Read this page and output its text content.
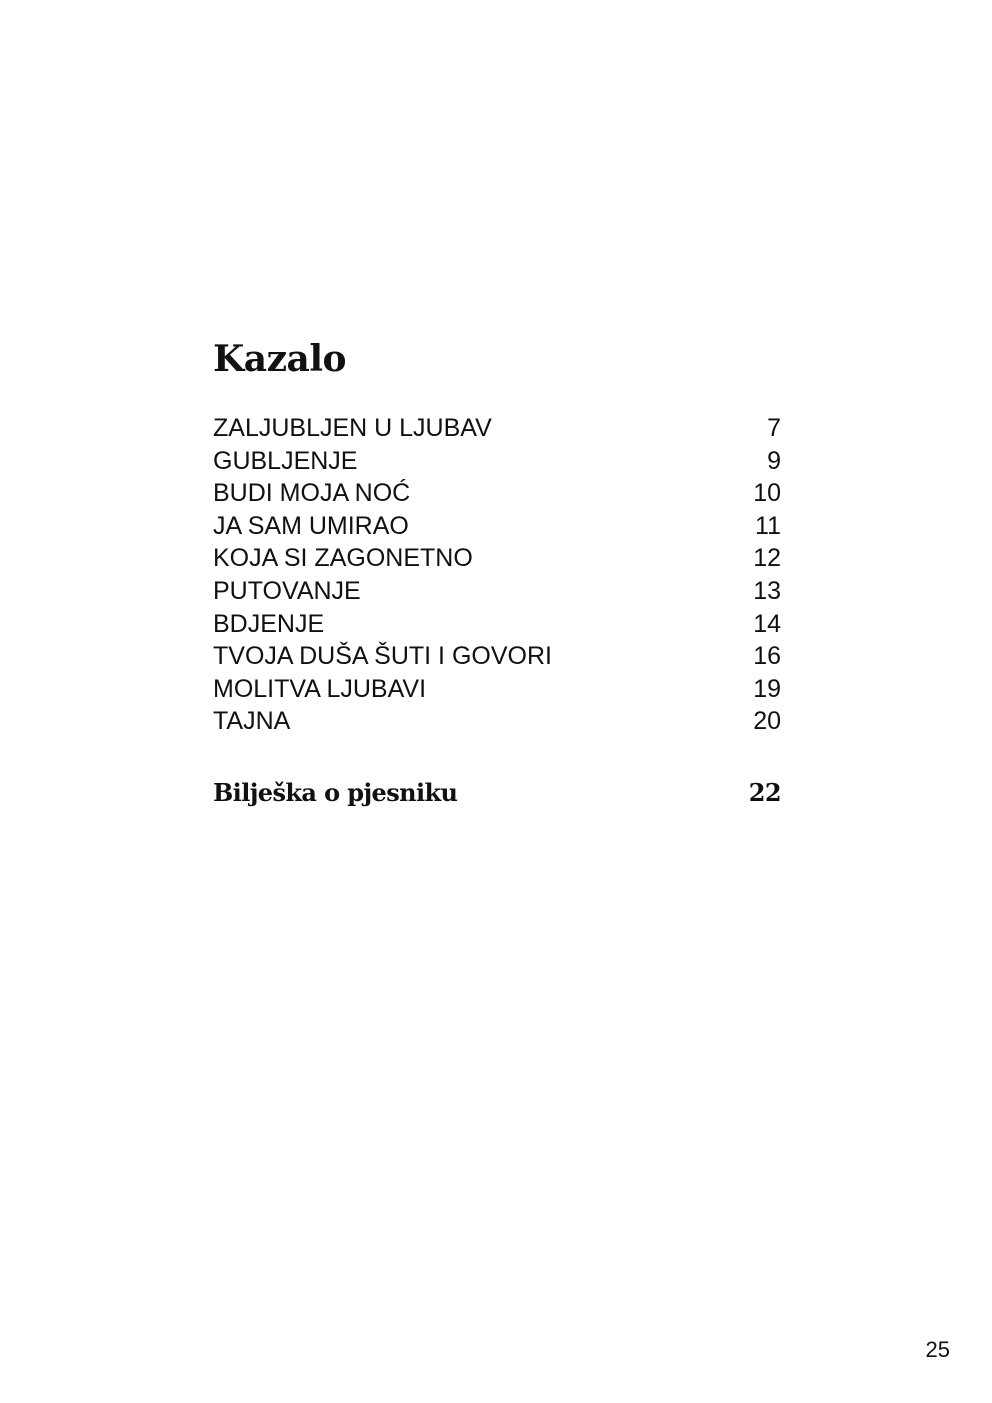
Kazalo
ZALJUBLJEN U LJUBAV	7
GUBLJENJE	9
BUDI MOJA NOĆ	10
JA SAM UMIRAO	11
KOJA SI ZAGONETNO	12
PUTOVANJE	13
BDJENJE	14
TVOJA DUŠA ŠUTI I GOVORI	16
MOLITVA LJUBAVI	19
TAJNA	20
Bilješka o pjesniku	22
25
